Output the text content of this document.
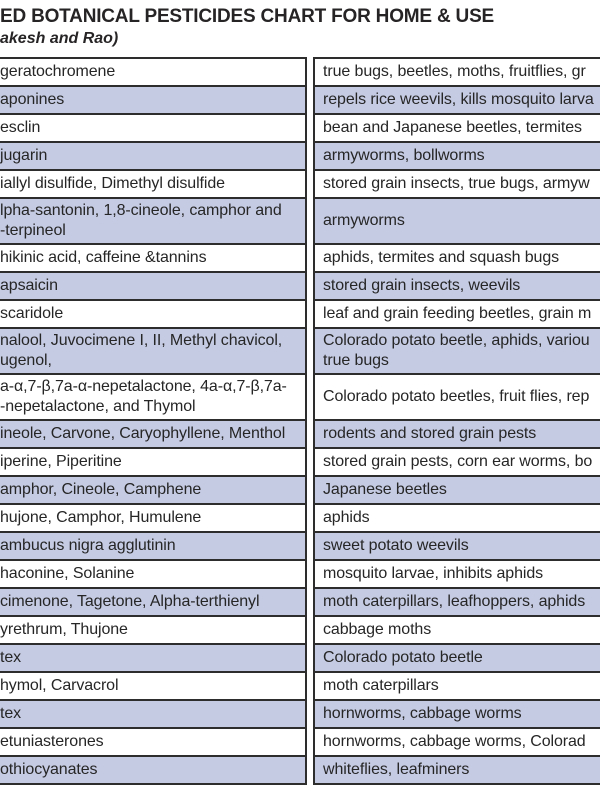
ED BOTANICAL PESTICIDES CHART FOR HOME & USE
akesh and Rao)
geratochromene
aponines
esclin
jugarin
iallyl disulfide, Dimethyl disulfide
lpha-santonin, 1,8-cineole, camphor and
-terpineol
hikinic acid, caffeine &tannins
apsaicin
scaridole
nalool, Juvocimene I, II, Methyl chavicol,
ugenol,
a-α,7-β,7a-α-nepetalactone, 4a-α,7-β,7a-
-nepetalactone, and Thymol
ineole, Carvone, Caryophyllene, Menthol
iperine, Piperitine
amphor, Cineole, Camphene
hujone, Camphor, Humulene
ambucus nigra agglutinin
haconine, Solanine
cimenone, Tagetone, Alpha-terthienyl
yrethrum, Thujone
tex
hymol, Carvacrol
tex
etuniasterones
othiocyanates
true bugs, beetles, moths, fruitflies, gr
repels rice weevils, kills mosquito larva
bean and Japanese beetles, termites
armyworms, bollworms
stored grain insects, true bugs, armyw
armyworms
aphids, termites and squash bugs
stored grain insects, weevils
leaf and grain feeding beetles, grain m
Colorado potato beetle, aphids, variou
true bugs
Colorado potato beetles, fruit flies, rep
rodents and stored grain pests
stored grain pests, corn ear worms, bo
Japanese beetles
aphids
sweet potato weevils
mosquito larvae, inhibits aphids
moth caterpillars, leafhoppers, aphids
cabbage moths
Colorado potato beetle
moth caterpillars
hornworms, cabbage worms
hornworms, cabbage worms, Colorad
whiteflies, leafminers
